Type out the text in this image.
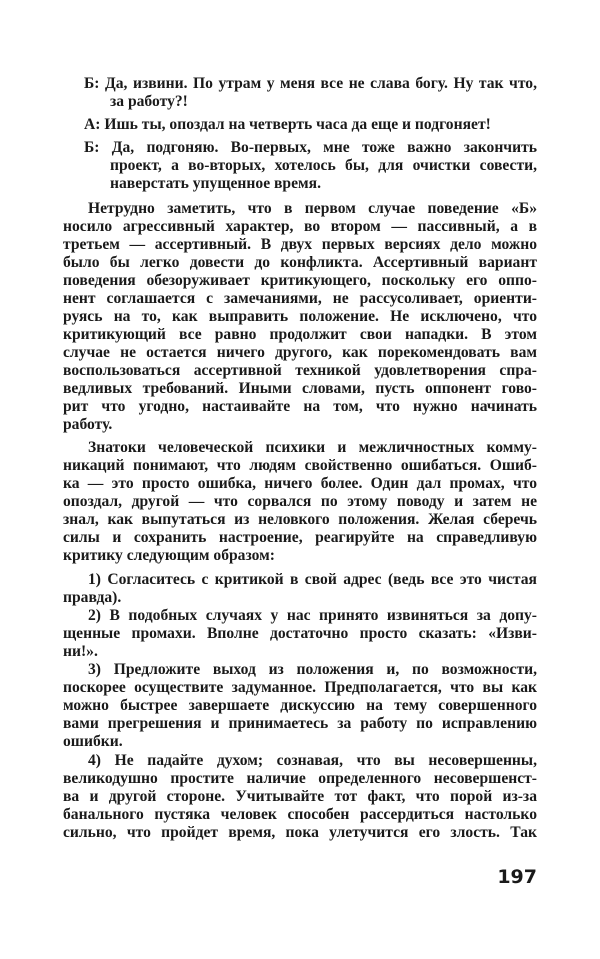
Б: Да, извини. По утрам у меня все не слава богу. Ну так что,
за работу?!
А: Ишь ты, опоздал на четверть часа да еще и подгоняет!
Б: Да, подгоняю. Во-первых, мне тоже важно закончить
проект, а во-вторых, хотелось бы, для очистки совести,
наверстать упущенное время.
Нетрудно заметить, что в первом случае поведение «Б»
носило агрессивный характер, во втором — пассивный, а в
третьем — ассертивный. В двух первых версиях дело можно
было бы легко довести до конфликта. Ассертивный вариант
поведения обезоруживает критикующего, поскольку его оппо-
нент соглашается с замечаниями, не рассусоливает, ориенти-
руясь на то, как выправить положение. Не исключено, что
критикующий все равно продолжит свои нападки. В этом
случае не остается ничего другого, как порекомендовать вам
воспользоваться ассертивной техникой удовлетворения спра-
ведливых требований. Иными словами, пусть оппонент гово-
рит что угодно, настаивайте на том, что нужно начинать
работу.
Знатоки человеческой психики и межличностных комму-
никаций понимают, что людям свойственно ошибаться. Ошиб-
ка — это просто ошибка, ничего более. Один дал промах, что
опоздал, другой — что сорвался по этому поводу и затем не
знал, как выпутаться из неловкого положения. Желая сберечь
силы и сохранить настроение, реагируйте на справедливую
критику следующим образом:
1) Согласитесь с критикой в свой адрес (ведь все это чистая
правда).
2) В подобных случаях у нас принято извиняться за допу-
щенные промахи. Вполне достаточно просто сказать: «Изви-
ни!».
3) Предложите выход из положения и, по возможности,
поскорее осуществите задуманное. Предполагается, что вы как
можно быстрее завершаете дискуссию на тему совершенного
вами прегрешения и принимаетесь за работу по исправлению
ошибки.
4) Не падайте духом; сознавая, что вы несовершенны,
великодушно простите наличие определенного несовершенст-
ва и другой стороне. Учитывайте тот факт, что порой из-за
банального пустяка человек способен рассердиться настолько
сильно, что пройдет время, пока улетучится его злость. Так
197
